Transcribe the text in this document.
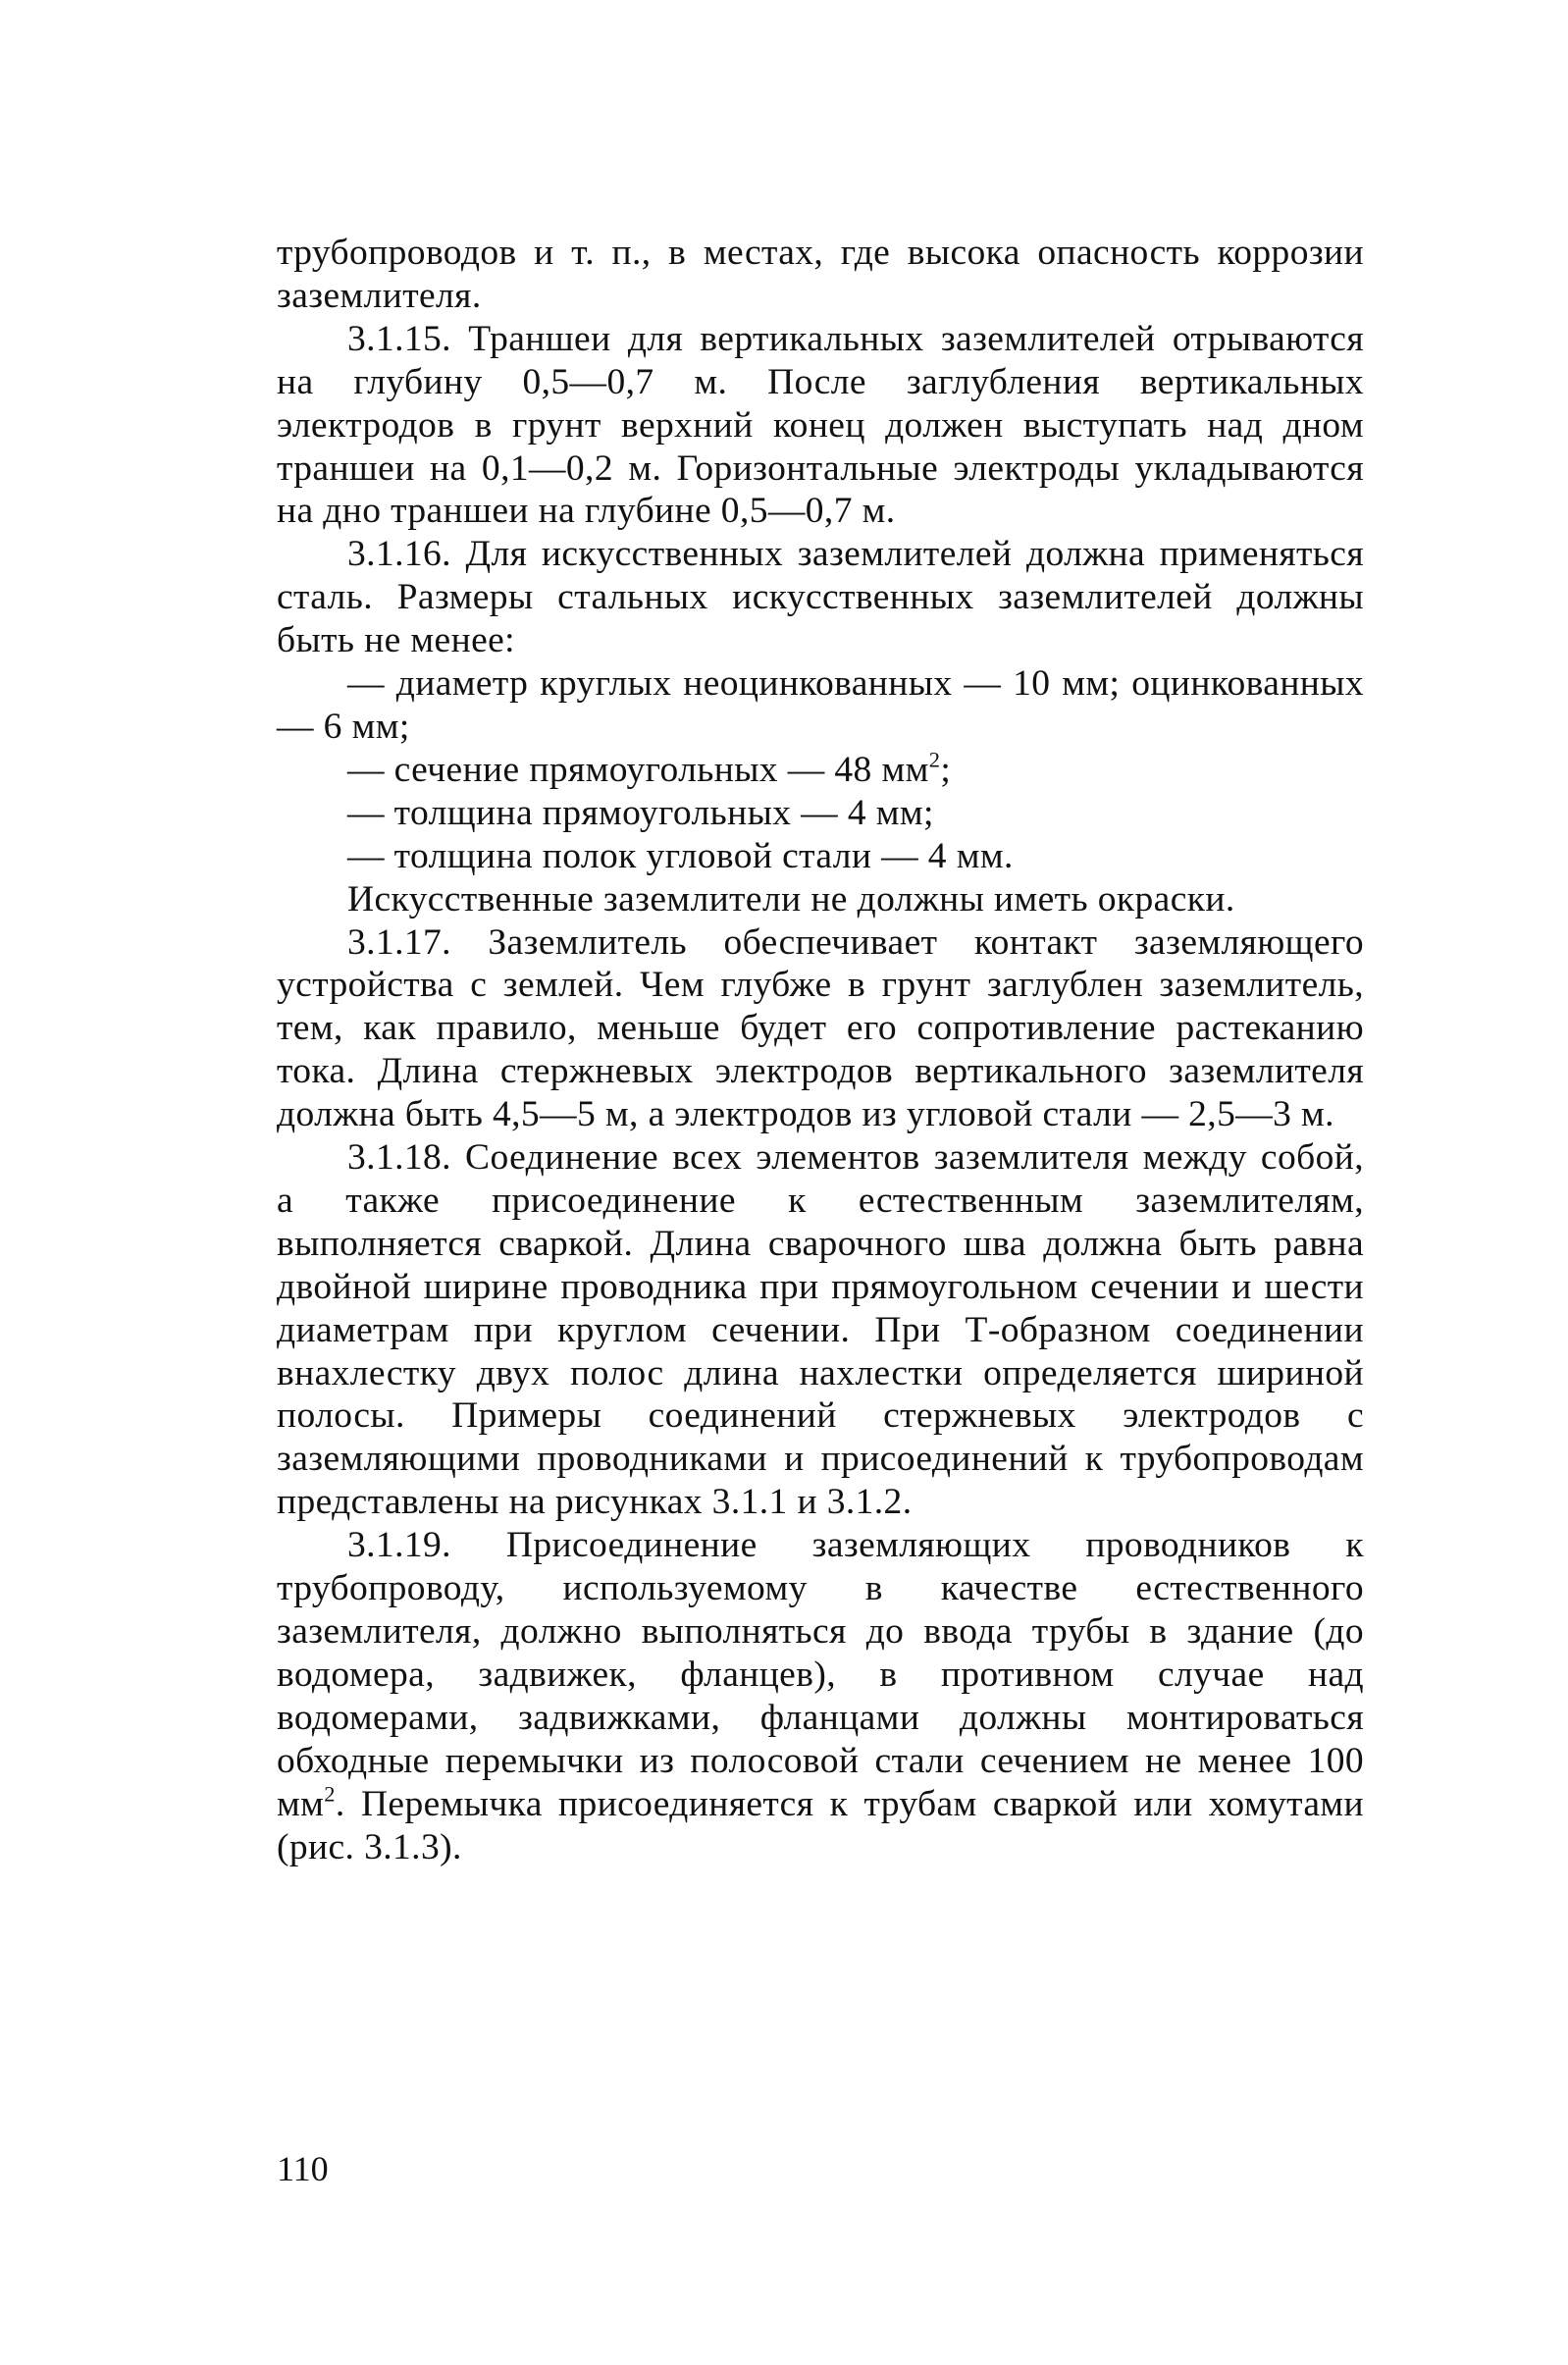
трубопроводов и т. п., в местах, где высока опасность коррозии заземлителя.

3.1.15. Траншеи для вертикальных заземлителей отрываются на глубину 0,5—0,7 м. После заглубления вертикальных электродов в грунт верхний конец должен выступать над дном траншеи на 0,1—0,2 м. Горизонтальные электроды укладываются на дно траншеи на глубине 0,5—0,7 м.

3.1.16. Для искусственных заземлителей должна применяться сталь. Размеры стальных искусственных заземлителей должны быть не менее:

— диаметр круглых неоцинкованных — 10 мм; оцинкованных — 6 мм;

— сечение прямоугольных — 48 $мм^2$;

— толщина прямоугольных — 4 мм;

— толщина полок угловой стали — 4 мм.

Искусственные заземлители не должны иметь окраски.

3.1.17. Заземлитель обеспечивает контакт заземляющего устройства с землей. Чем глубже в грунт заглублен заземлитель, тем, как правило, меньше будет его сопротивление растеканию тока. Длина стержневых электродов вертикального заземлителя должна быть 4,5—5 м, а электродов из угловой стали — 2,5—3 м.

3.1.18. Соединение всех элементов заземлителя между собой, а также присоединение к естественным заземлителям, выполняется сваркой. Длина сварочного шва должна быть равна двойной ширине проводника при прямоугольном сечении и шести диаметрам при круглом сечении. При Т-образном соединении внахлестку двух полос длина нахлестки определяется шириной полосы. Примеры соединений стержневых электродов с заземляющими проводниками и присоединений к трубопроводам представлены на рисунках 3.1.1 и 3.1.2.

3.1.19. Присоединение заземляющих проводников к трубопроводу, используемому в качестве естественного заземлителя, должно выполняться до ввода трубы в здание (до водомера, задвижек, фланцев), в противном случае над водомерами, задвижками, фланцами должны монтироваться обходные перемычки из полосовой стали сечением не менее 100 $мм^2$. Перемычка присоединяется к трубам сваркой или хомутами (рис. 3.1.3).

110
